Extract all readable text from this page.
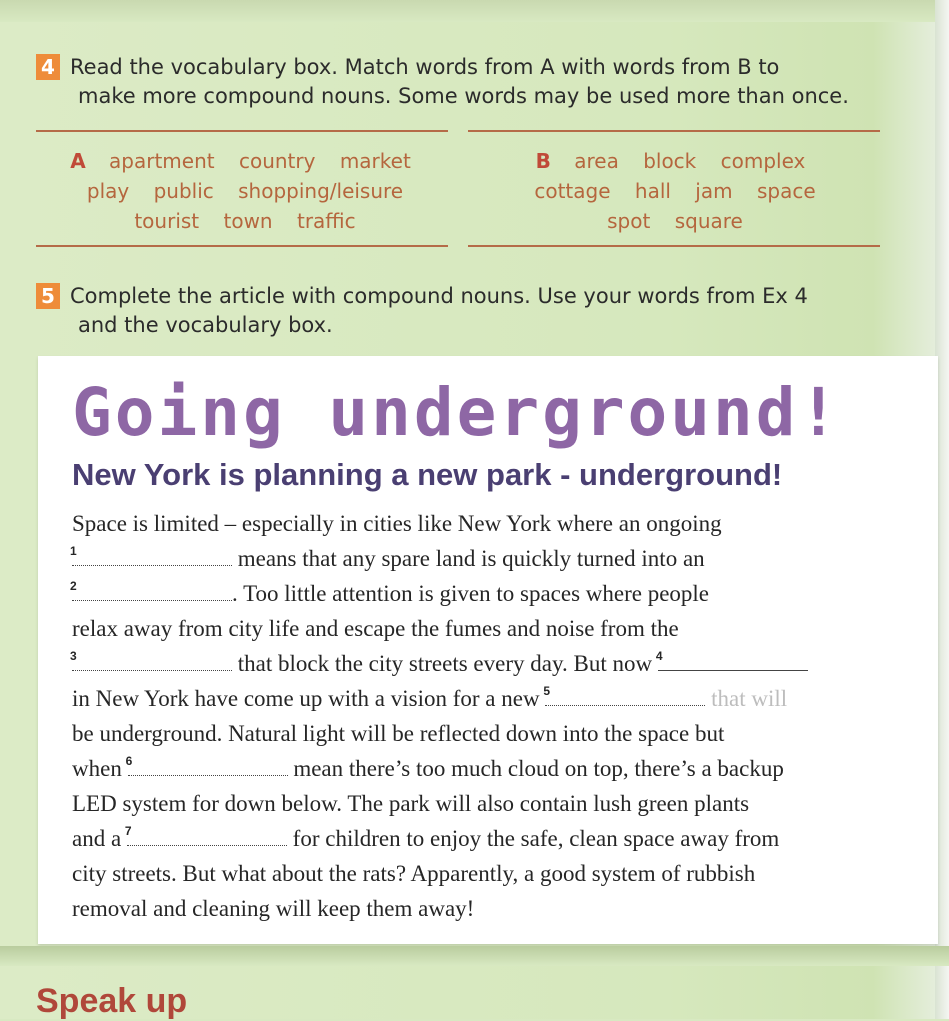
4 Read the vocabulary box. Match words from A with words from B to
make more compound nouns. Some words may be used more than once.
A apartment country market
play public shopping/leisure
tourist town traffic
B area block complex
cottage hall jam space
spot square
5 Complete the article with compound nouns. Use your words from Ex 4
and the vocabulary box.
Going underground!
New York is planning a new park - underground!
Space is limited – especially in cities like New York where an ongoing
1	means that any spare land is quickly turned into an
2	. Too little attention is given to spaces where people
relax away from city life and escape the fumes and noise from the
3	that block the city streets every day. But now 4
in New York have come up with a vision for a new 5	that will
be underground. Natural light will be reflected down into the space but
when 6	mean there’s too much cloud on top, there’s a backup
LED system for down below. The park will also contain lush green plants
and a 7	for children to enjoy the safe, clean space away from
city streets. But what about the rats? Apparently, a good system of rubbish
removal and cleaning will keep them away!
Speak up
